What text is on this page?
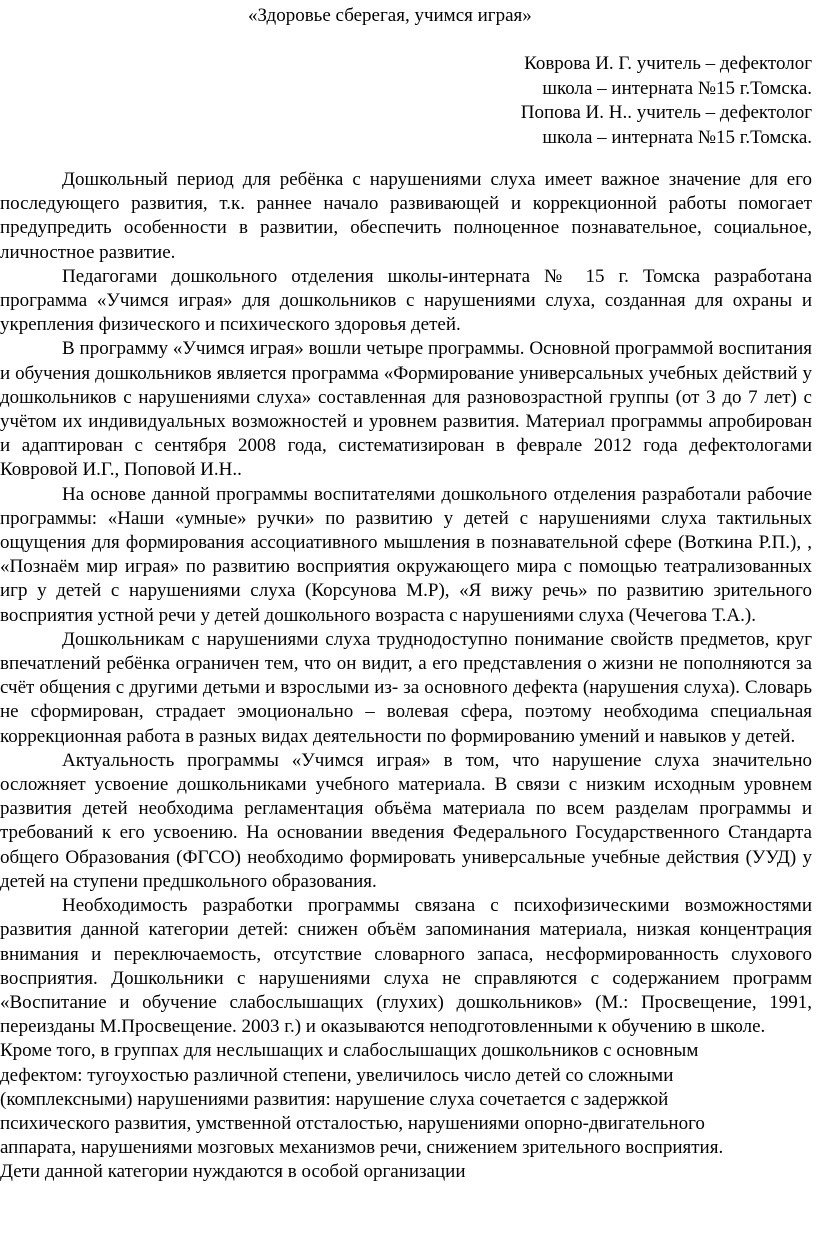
«Здоровье сберегая, учимся играя»
Коврова И. Г. учитель – дефектолог
школа – интерната №15 г.Томска.
Попова И. Н.. учитель – дефектолог
школа – интерната №15 г.Томска.

Дошкольный период для ребёнка с нарушениями слуха имеет важное значение для его последующего развития, т.к. раннее начало развивающей и коррекционной работы помогает предупредить особенности в развитии, обеспечить полноценное познавательное, социальное, личностное развитие.

Педагогами дошкольного отделения школы-интерната № 15 г. Томска разработана программа «Учимся играя» для дошкольников с нарушениями слуха, созданная для охраны и укрепления физического и психического здоровья детей.

В программу «Учимся играя» вошли четыре программы. Основной программой воспитания и обучения дошкольников является программа «Формирование универсальных учебных действий у дошкольников с нарушениями слуха» составленная для разновозрастной группы (от 3 до 7 лет) с учётом их индивидуальных возможностей и уровнем развития. Материал программы апробирован и адаптирован с сентября 2008 года, систематизирован в феврале 2012 года дефектологами Ковровой И.Г., Поповой И.Н..

На основе данной программы воспитателями дошкольного отделения разработали рабочие программы: «Наши «умные» ручки» по развитию у детей с нарушениями слуха тактильных ощущения для формирования ассоциативного мышления в познавательной сфере (Воткина Р.П.), , «Познаём мир играя» по развитию восприятия окружающего мира с помощью театрализованных игр у детей с нарушениями слуха (Корсунова М.Р), «Я вижу речь» по развитию зрительного восприятия устной речи у детей дошкольного возраста с нарушениями слуха (Чечегова Т.А.).

Дошкольникам с нарушениями слуха труднодоступно понимание свойств предметов, круг впечатлений ребёнка ограничен тем, что он видит, а его представления о жизни не пополняются за счёт общения с другими детьми и взрослыми из- за основного дефекта (нарушения слуха). Словарь не сформирован, страдает эмоционально – волевая сфера, поэтому необходима специальная коррекционная работа в разных видах деятельности по формированию умений и навыков у детей.

Актуальность программы «Учимся играя» в том, что нарушение слуха значительно осложняет усвоение дошкольниками учебного материала. В связи с низким исходным уровнем развития детей необходима регламентация объёма материала по всем разделам программы и требований к его усвоению. На основании введения Федерального Государственного Стандарта общего Образования (ФГСО) необходимо формировать универсальные учебные действия (УУД) у детей на ступени предшкольного образования.

Необходимость разработки программы связана с психофизическими возможностями развития данной категории детей: снижен объём запоминания материала, низкая концентрация внимания и переключаемость, отсутствие словарного запаса, несформированность слухового восприятия. Дошкольники с нарушениями слуха не справляются с содержанием программ «Воспитание и обучение слабослышащих (глухих) дошкольников» (М.: Просвещение, 1991, переизданы М.Просвещение. 2003 г.) и оказываются неподготовленными к обучению в школе.

Кроме того, в группах для неслышащих и слабослышащих дошкольников с основным

дефектом: тугоухостью различной степени, увеличилось число детей со сложными

(комплексными) нарушениями развития: нарушение слуха сочетается с задержкой

психического развития, умственной отсталостью, нарушениями опорно-двигательного

аппарата, нарушениями мозговых механизмов речи, снижением зрительного восприятия.

Дети данной категории нуждаются в особой организации
